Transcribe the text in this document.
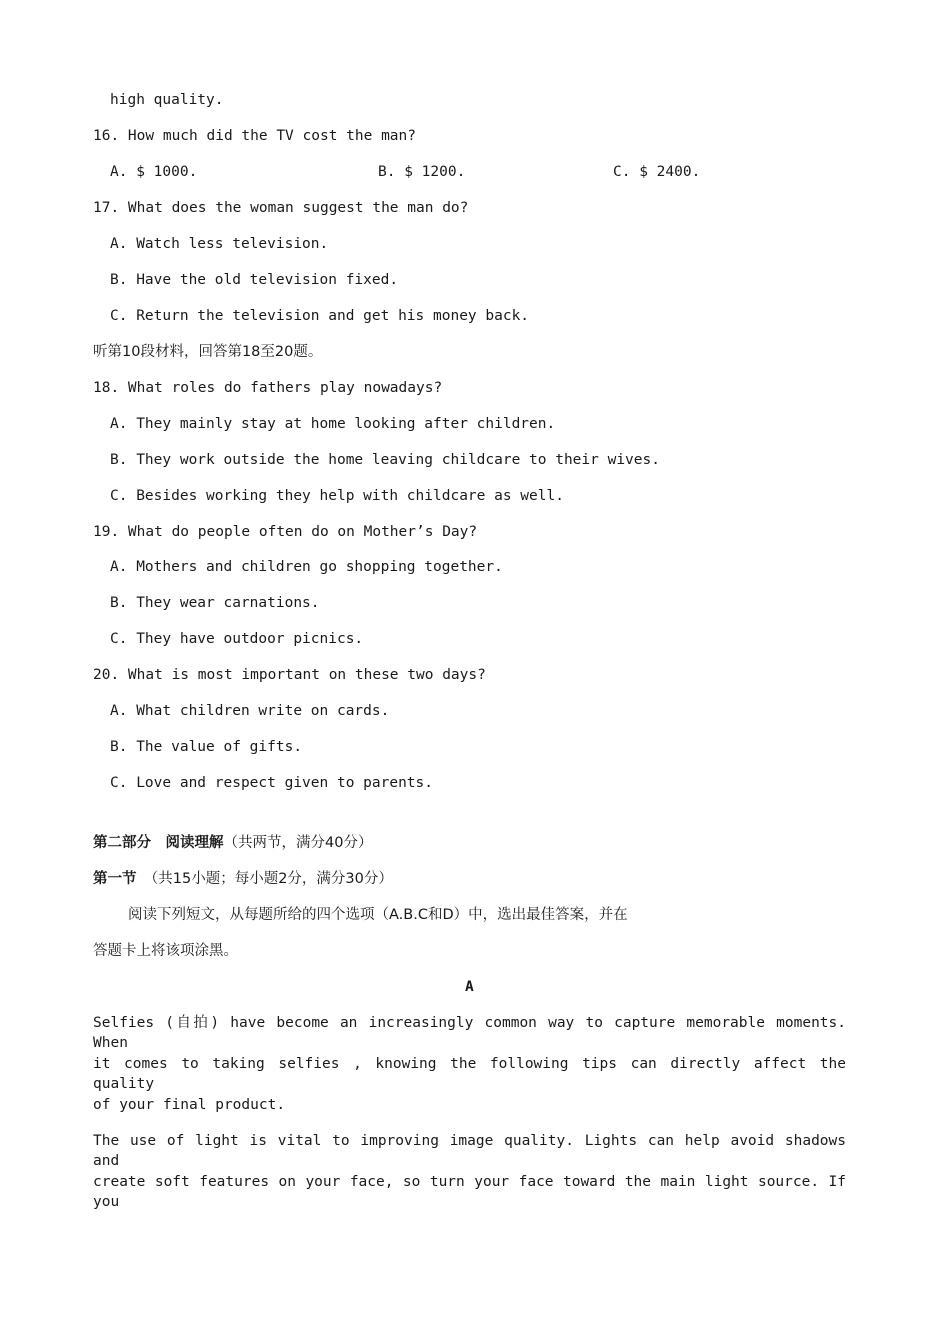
high quality.
16. How much did the TV cost the man?
A. $ 1000.	B. $ 1200.	C. $ 2400.
17. What does the woman suggest the man do?
A. Watch less television.
B. Have the old television fixed.
C. Return the television and get his money back.
听第10段材料，回答第18至20题。
18. What roles do fathers play nowadays?
A. They mainly stay at home looking after children.
B. They work outside the home leaving childcare to their wives.
C. Besides working they help with childcare as well.
19. What do people often do on Mother’s Day?
A. Mothers and children go shopping together.
B. They wear carnations.
C. They have outdoor picnics.
20. What is most important on these two days?
A. What children write on cards.
B. The value of gifts.
C. Love and respect given to parents.
第二部分　阅读理解（共两节，满分40分）
第一节　（共15小题；每小题2分，满分30分）
阅读下列短文，从每题所给的四个选项（A.B.C和D）中，选出最佳答案，并在
答题卡上将该项涂黑。
A
Selfies (自拍) have become an increasingly common way to capture memorable moments. When
it comes to taking selfies , knowing the following tips can directly affect the quality
of your final product.
The use of light is vital to improving image quality. Lights can help avoid shadows and
create soft features on your face, so turn your face toward the main light source. If you
